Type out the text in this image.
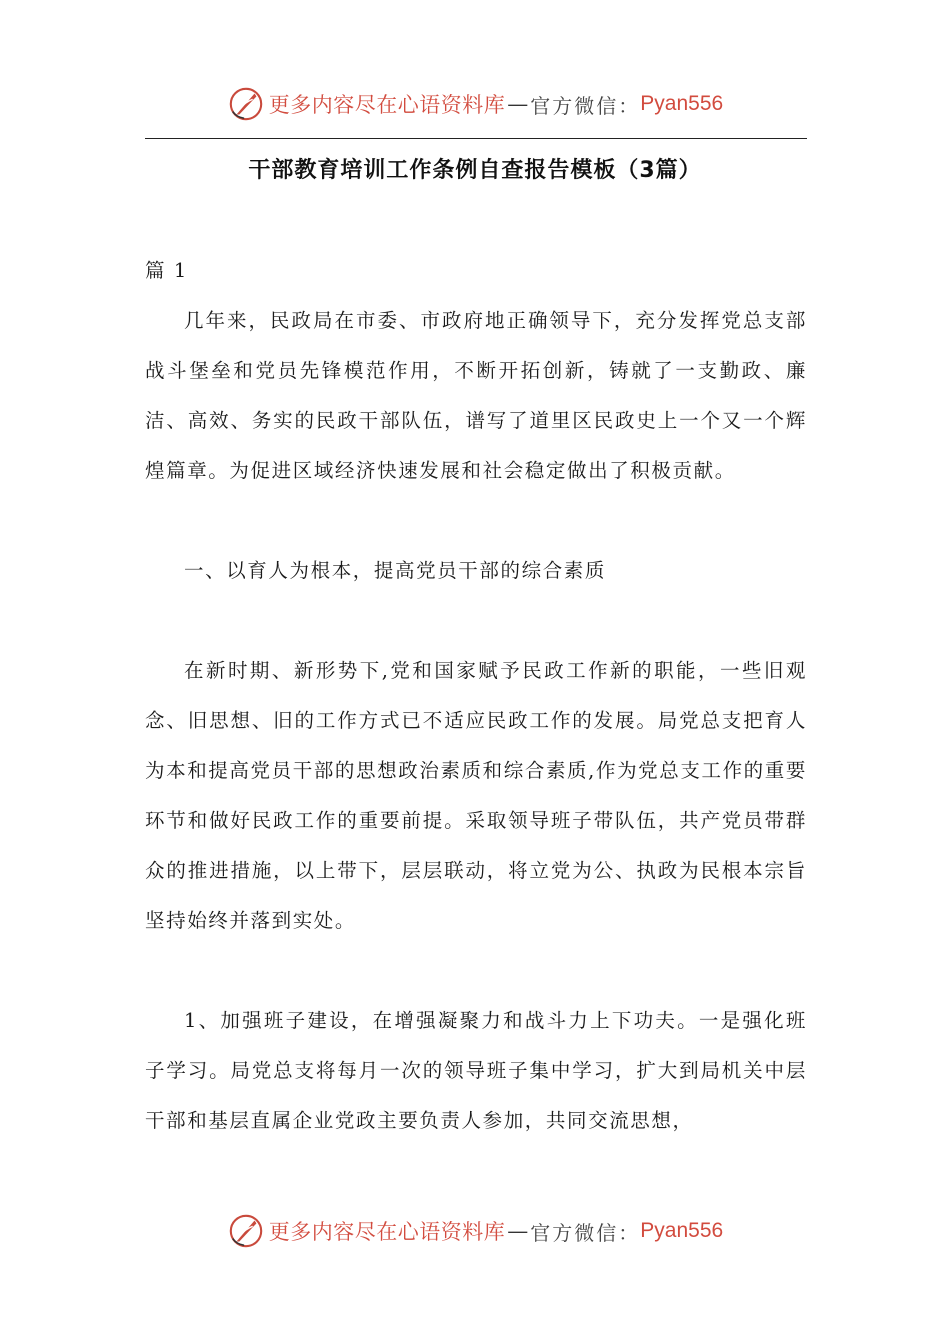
更多内容尽在心语资料库 — 官方微信： Pyan556
干部教育培训工作条例自查报告模板（3篇）

篇 1

几年来，民政局在市委、市政府地正确领导下，充分发挥党总支部战斗堡垒和党员先锋模范作用，不断开拓创新，铸就了一支勤政、廉洁、高效、务实的民政干部队伍，谱写了道里区民政史上一个又一个辉煌篇章。为促进区域经济快速发展和社会稳定做出了积极贡献。

一、以育人为根本，提高党员干部的综合素质

在新时期、新形势下,党和国家赋予民政工作新的职能，一些旧观念、旧思想、旧的工作方式已不适应民政工作的发展。局党总支把育人为本和提高党员干部的思想政治素质和综合素质,作为党总支工作的重要环节和做好民政工作的重要前提。采取领导班子带队伍，共产党员带群众的推进措施，以上带下，层层联动，将立党为公、执政为民根本宗旨坚持始终并落到实处。

1、加强班子建设，在增强凝聚力和战斗力上下功夫。一是强化班子学习。局党总支将每月一次的领导班子集中学习，扩大到局机关中层干部和基层直属企业党政主要负责人参加，共同交流思想，

更多内容尽在心语资料库 — 官方微信： Pyan556
